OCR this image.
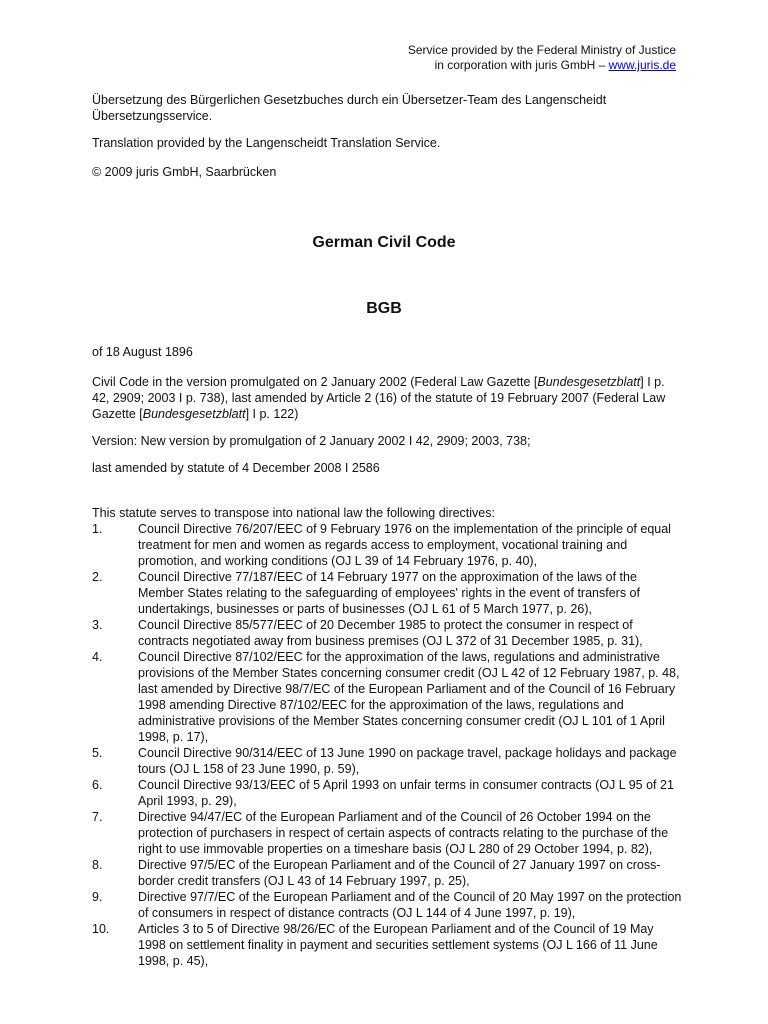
Service provided by the Federal Ministry of Justice
in corporation with juris GmbH – www.juris.de
Übersetzung des Bürgerlichen Gesetzbuches durch ein Übersetzer-Team des Langenscheidt Übersetzungsservice.
Translation provided by the Langenscheidt Translation Service.
© 2009 juris GmbH, Saarbrücken
German Civil Code
BGB
of 18 August 1896
Civil Code in the version promulgated on 2 January 2002 (Federal Law Gazette [Bundesgesetzblatt] I p. 42, 2909; 2003 I p. 738), last amended by Article 2 (16) of the statute of 19 February 2007 (Federal Law Gazette [Bundesgesetzblatt] I p. 122)
Version: New version by promulgation of 2 January 2002 I 42, 2909; 2003, 738;
last amended by statute of 4 December 2008 I 2586
This statute serves to transpose into national law the following directives:
1.	Council Directive 76/207/EEC of 9 February 1976 on the implementation of the principle of equal treatment for men and women as regards access to employment, vocational training and promotion, and working conditions (OJ L 39 of 14 February 1976, p. 40),
2.	Council Directive 77/187/EEC of 14 February 1977 on the approximation of the laws of the Member States relating to the safeguarding of employees' rights in the event of transfers of undertakings, businesses or parts of businesses (OJ L 61 of 5 March 1977, p. 26),
3.	Council Directive 85/577/EEC of 20 December 1985 to protect the consumer in respect of contracts negotiated away from business premises (OJ L 372 of 31 December 1985, p. 31),
4.	Council Directive 87/102/EEC for the approximation of the laws, regulations and administrative provisions of the Member States concerning consumer credit (OJ L 42 of 12 February 1987, p. 48, last amended by Directive 98/7/EC of the European Parliament and of the Council of 16 February 1998 amending Directive 87/102/EEC for the approximation of the laws, regulations and administrative provisions of the Member States concerning consumer credit (OJ L 101 of 1 April 1998, p. 17),
5.	Council Directive 90/314/EEC of 13 June 1990 on package travel, package holidays and package tours (OJ L 158 of 23 June 1990, p. 59),
6.	Council Directive 93/13/EEC of 5 April 1993 on unfair terms in consumer contracts (OJ L 95 of 21 April 1993, p. 29),
7.	Directive 94/47/EC of the European Parliament and of the Council of 26 October 1994 on the protection of purchasers in respect of certain aspects of contracts relating to the purchase of the right to use immovable properties on a timeshare basis (OJ L 280 of 29 October 1994, p. 82),
8.	Directive 97/5/EC of the European Parliament and of the Council of 27 January 1997 on cross-border credit transfers (OJ L 43 of 14 February 1997, p. 25),
9.	Directive 97/7/EC of the European Parliament and of the Council of 20 May 1997 on the protection of consumers in respect of distance contracts (OJ L 144 of 4 June 1997, p. 19),
10.	Articles 3 to 5 of Directive 98/26/EC of the European Parliament and of the Council of 19 May 1998 on settlement finality in payment and securities settlement systems (OJ L 166 of 11 June 1998, p. 45),
